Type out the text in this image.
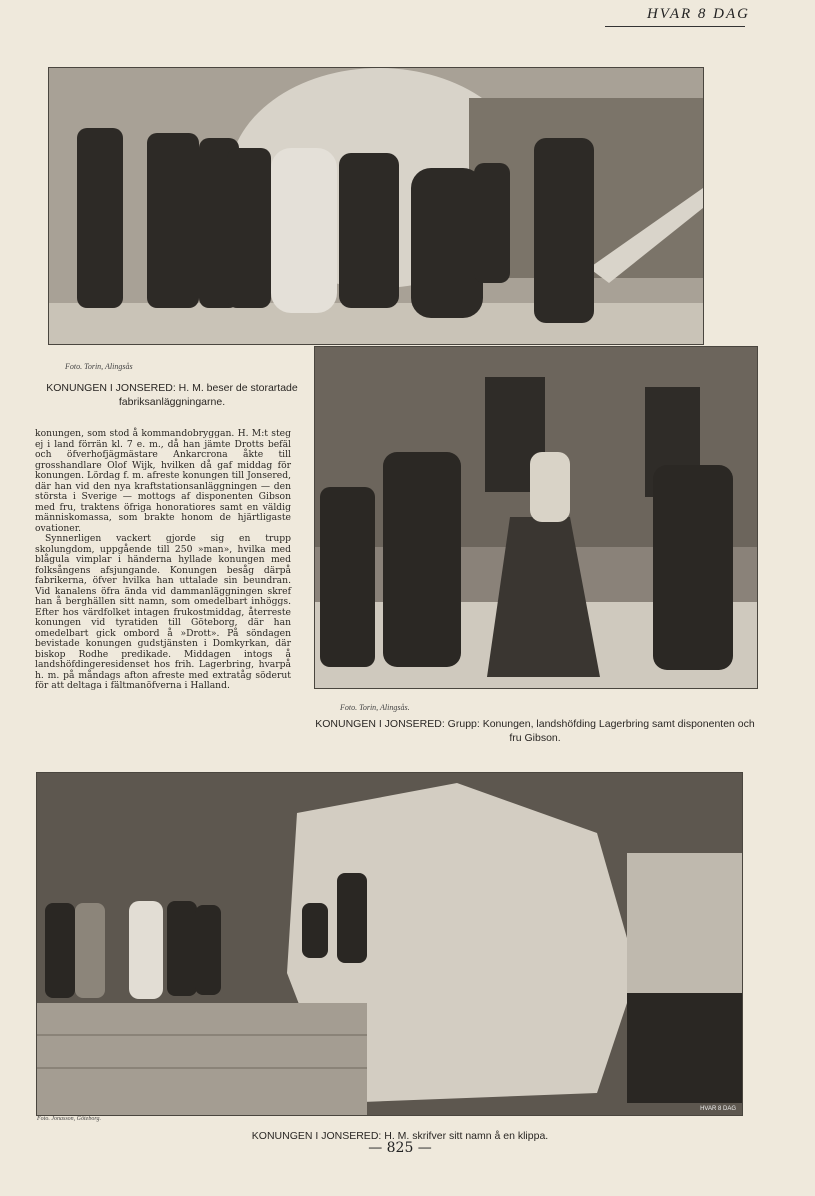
HVAR 8 DAG
Foto. Torin, Alingsås
KONUNGEN I JONSERED: H. M. beser de storartade fabriksanläggningarne.
Foto. Torin, Alingsås.
KONUNGEN I JONSERED: Grupp: Konungen, landshöfding Lagerbring samt disponenten och fru Gibson.

konungen, som stod å kommandobryggan. H. M:t steg ej i land förrän kl. 7 e. m., då han jämte Drotts befäl och öfverhofjägmästare Ankarcrona åkte till grosshandlare Olof Wijk, hvilken då gaf middag för konungen. Lördag f. m. afreste konungen till Jonsered, där han vid den nya kraftstationsanläggningen — den största i Sverige — mottogs af disponenten Gibson med fru, traktens öfriga honoratiores samt en väldig människomassa, som brakte honom de hjärtligaste ovationer.

Synnerligen vackert gjorde sig en trupp skolungdom, uppgående till 250 »man», hvilka med blågula vimplar i händerna hyllade konungen med folksångens afsjungande. Konungen besåg därpå fabrikerna, öfver hvilka han uttalade sin beundran. Vid kanalens öfra ända vid dammanläggningen skref han å berghällen sitt namn, som omedelbart inhöggs. Efter hos värdfolket intagen frukostmiddag, återreste konungen vid tyratiden till Göteborg, där han omedelbart gick ombord å »Drott». På söndagen bevistade konungen gudstjänsten i Domkyrkan, där biskop Rodhe predikade. Middagen intogs å landshöfdingeresidenset hos frih. Lagerbring, hvarpå h. m. på måndags afton afreste med extratåg söderut för att deltaga i fältmanöfverna i Halland.

HVAR 8 DAG
Foto. Jonasson, Göteborg.
KONUNGEN I JONSERED: H. M. skrifver sitt namn å en klippa.
— 825 —
